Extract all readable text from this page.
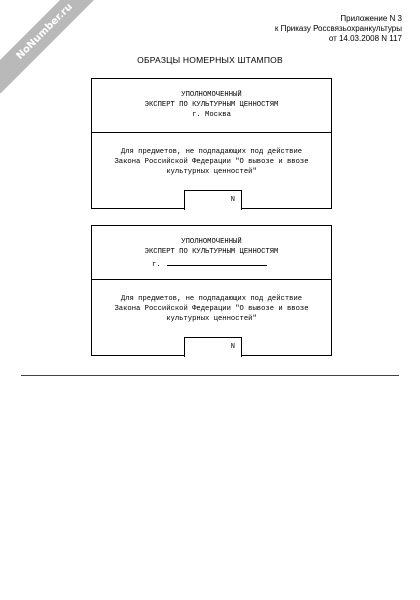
NoNumber.ru	Приложение N 3
к Приказу Россвязьохранкультуры
от 14.03.2008 N 117
ОБРАЗЦЫ НОМЕРНЫХ ШТАМПОВ
УПОЛНОМОЧЕННЫЙ
ЭКСПЕРТ ПО КУЛЬТУРНЫМ ЦЕННОСТЯМ
г. Москва
Для предметов, не подпадающих под действие
Закона Российской Федерации "О вывозе и ввозе
культурных ценностей"
N
УПОЛНОМОЧЕННЫЙ
ЭКСПЕРТ ПО КУЛЬТУРНЫМ ЦЕННОСТЯМ
г.
Для предметов, не подпадающих под действие
Закона Российской Федерации "О вывозе и ввозе
культурных ценностей"
N
